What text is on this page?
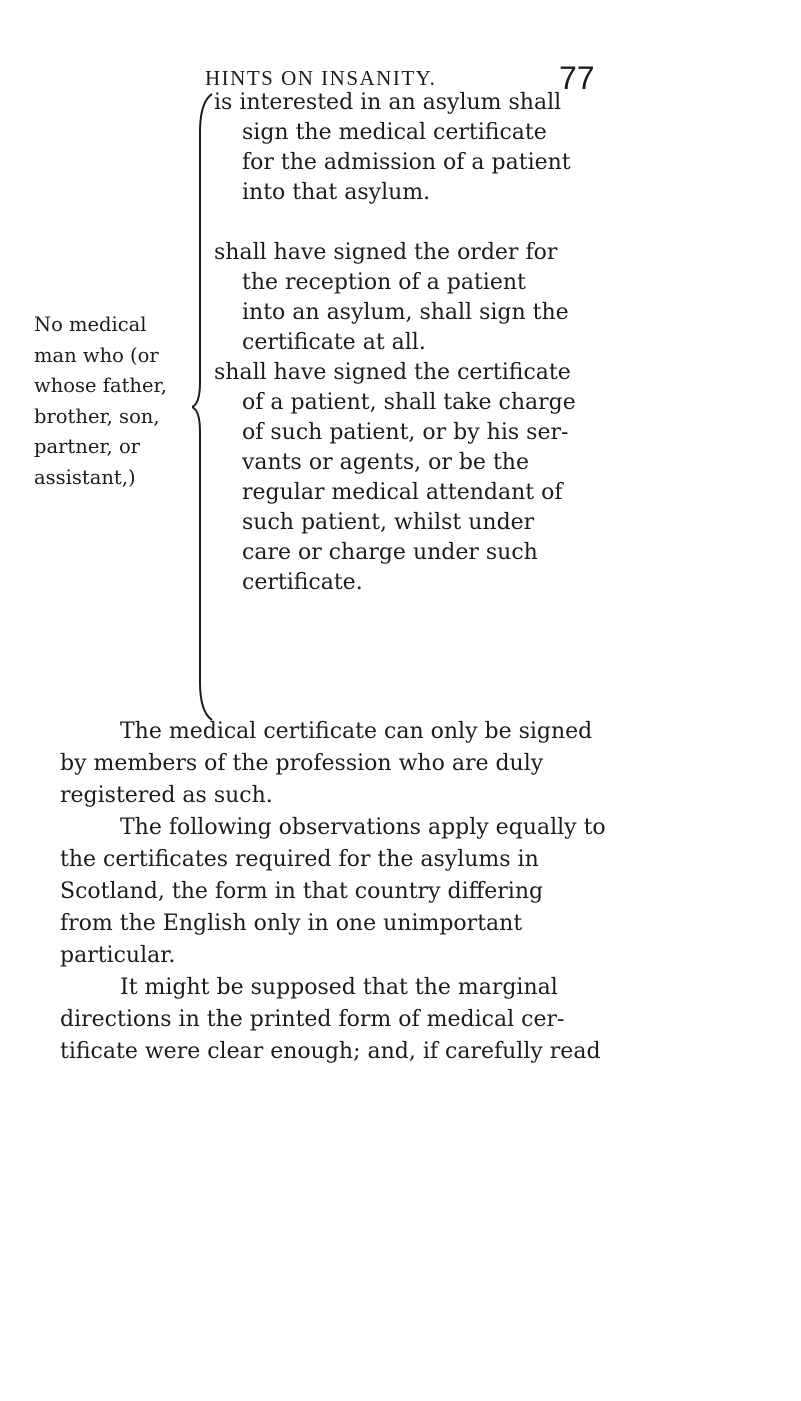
HINTS ON INSANITY.	77
No medical
man who (or
whose father,
brother, son,
partner, or
assistant,)
is interested in an asylum shall
sign the medical certificate
for the admission of a patient
into that asylum.
shall have signed the order for
the reception of a patient
into an asylum, shall sign the
certificate at all.
shall have signed the certificate
of a patient, shall take charge
of such patient, or by his ser-
vants or agents, or be the
regular medical attendant of
such patient, whilst under
care or charge under such
certificate.

The medical certificate can only be signed
by members of the profession who are duly
registered as such.

The following observations apply equally to
the certificates required for the asylums in
Scotland, the form in that country differing
from the English only in one unimportant
particular.

It might be supposed that the marginal
directions in the printed form of medical cer-
tificate were clear enough; and, if carefully read
